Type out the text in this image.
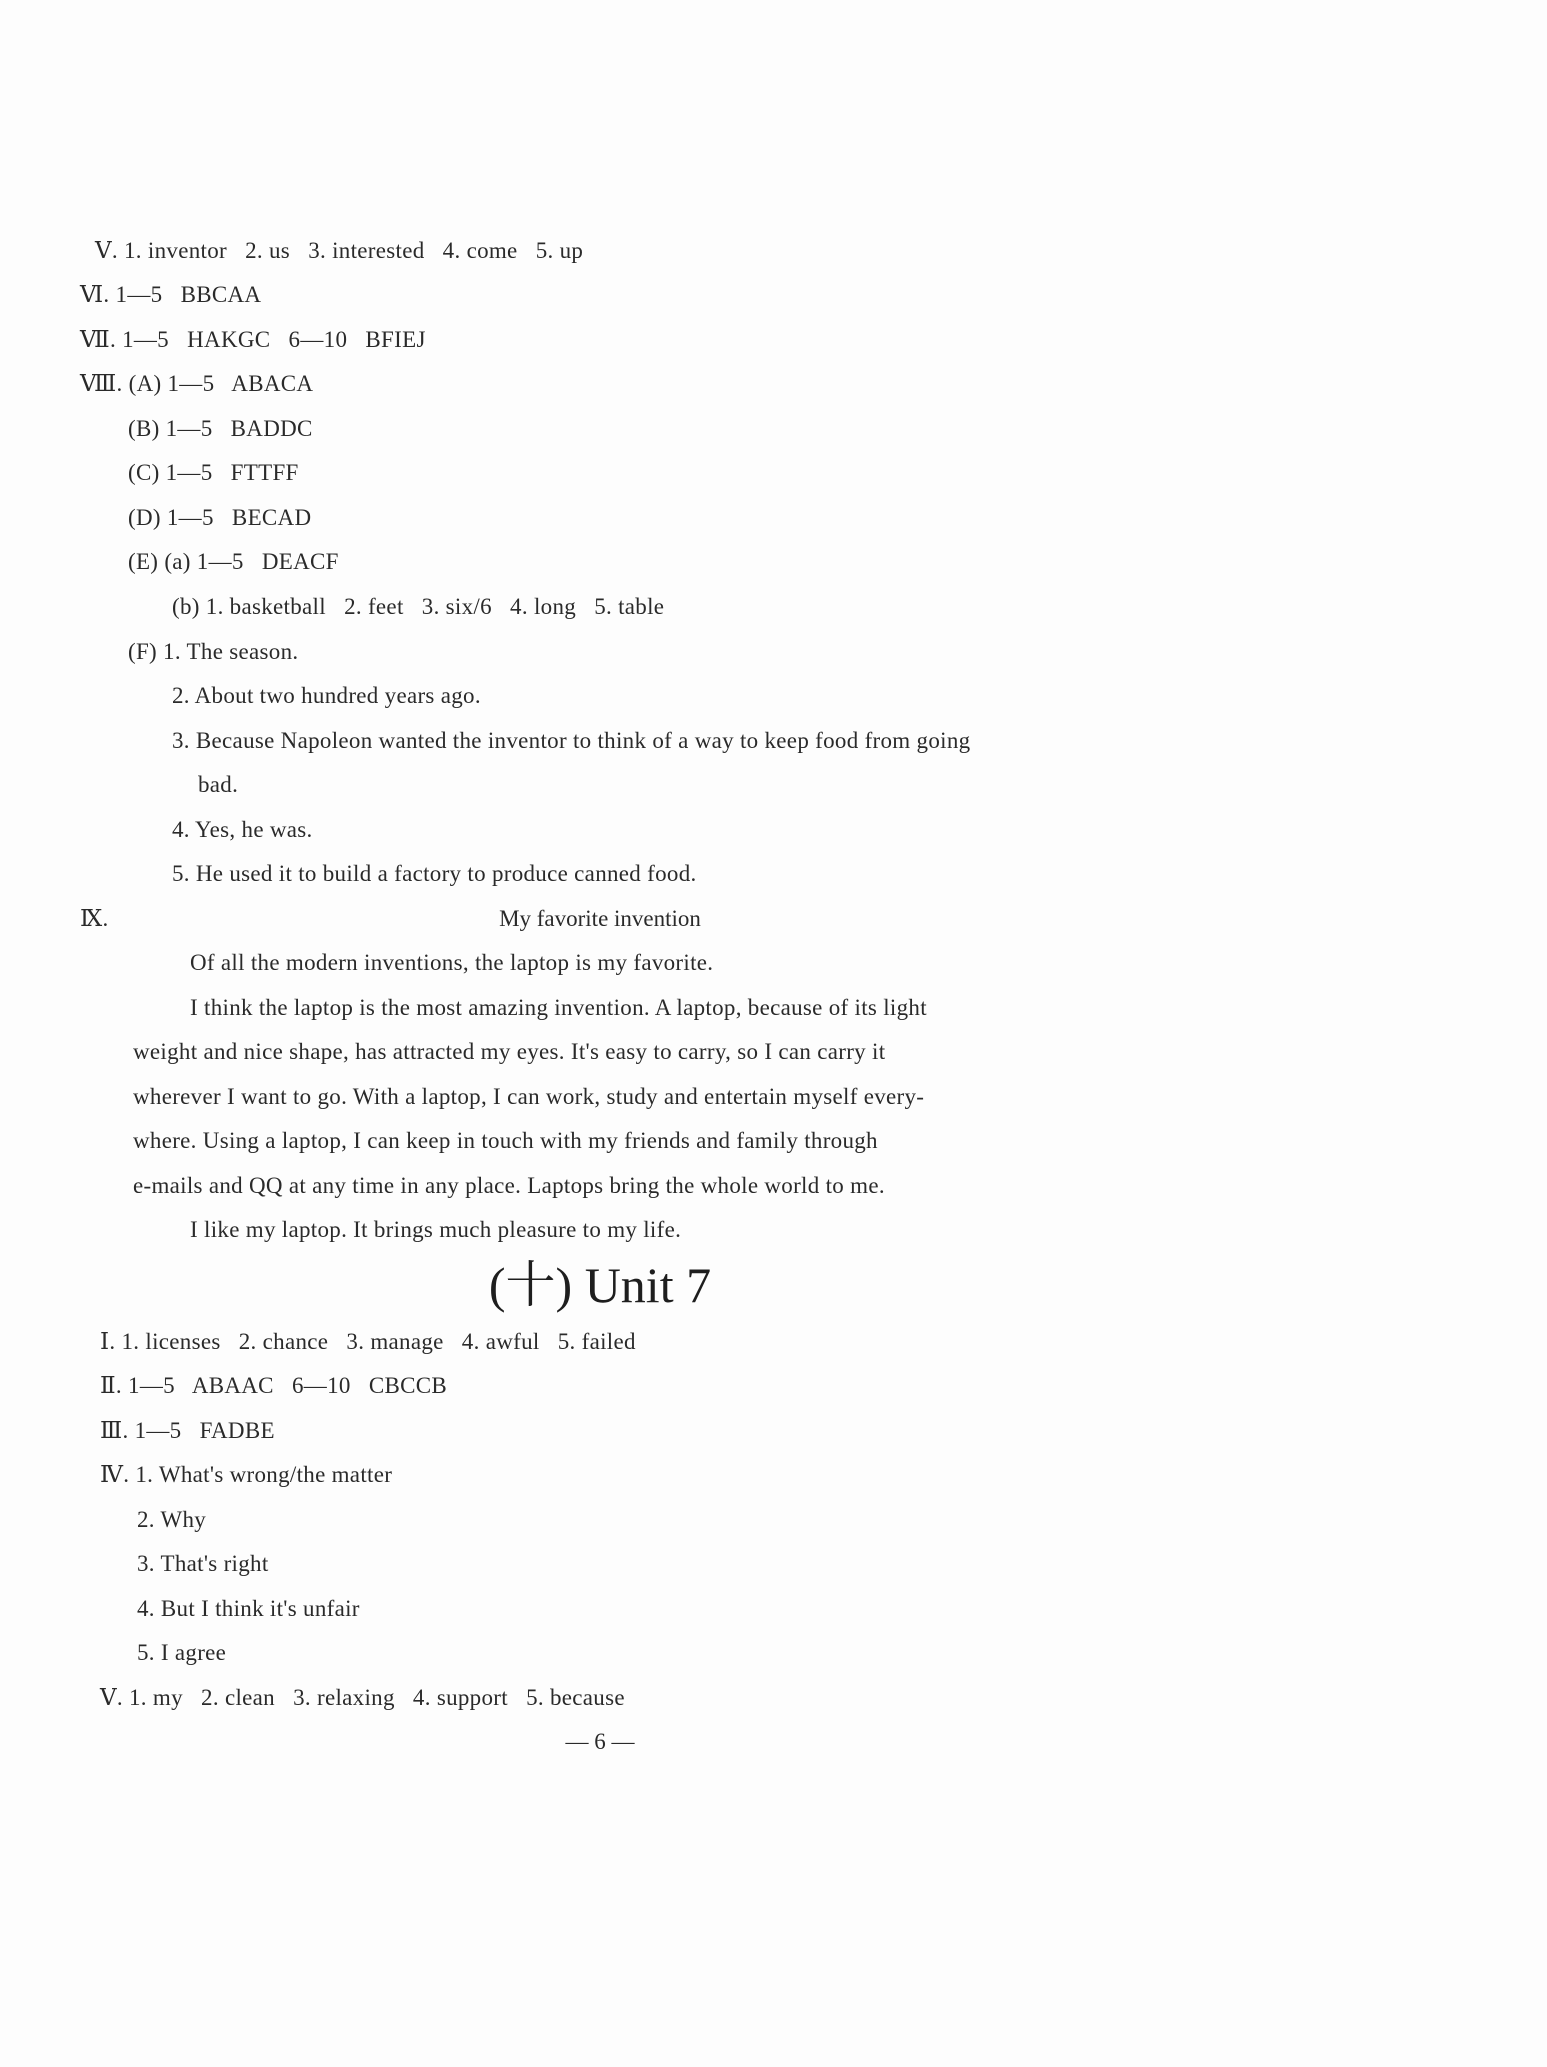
Ⅴ. 1. inventor   2. us   3. interested   4. come   5. up
Ⅵ. 1—5   BBCAA
Ⅶ. 1—5   HAKGC   6—10   BFIEJ
Ⅷ. (A) 1—5   ABACA
(B) 1—5   BADDC
(C) 1—5   FTTFF
(D) 1—5   BECAD
(E) (a) 1—5   DEACF
(b) 1. basketball   2. feet   3. six/6   4. long   5. table
(F) 1. The season.
2. About two hundred years ago.
3. Because Napoleon wanted the inventor to think of a way to keep food from going
bad.
4. Yes, he was.
5. He used it to build a factory to produce canned food.
Ⅸ.	My favorite invention
Of all the modern inventions, the laptop is my favorite.
I think the laptop is the most amazing invention. A laptop, because of its light
weight and nice shape, has attracted my eyes. It's easy to carry, so I can carry it
wherever I want to go. With a laptop, I can work, study and entertain myself every-
where. Using a laptop, I can keep in touch with my friends and family through
e-mails and QQ at any time in any place. Laptops bring the whole world to me.
I like my laptop. It brings much pleasure to my life.
(十) Unit 7
Ⅰ. 1. licenses   2. chance   3. manage   4. awful   5. failed
Ⅱ. 1—5   ABAAC   6—10   CBCCB
Ⅲ. 1—5   FADBE
Ⅳ. 1. What's wrong/the matter
2. Why
3. That's right
4. But I think it's unfair
5. I agree
Ⅴ. 1. my   2. clean   3. relaxing   4. support   5. because
— 6 —
